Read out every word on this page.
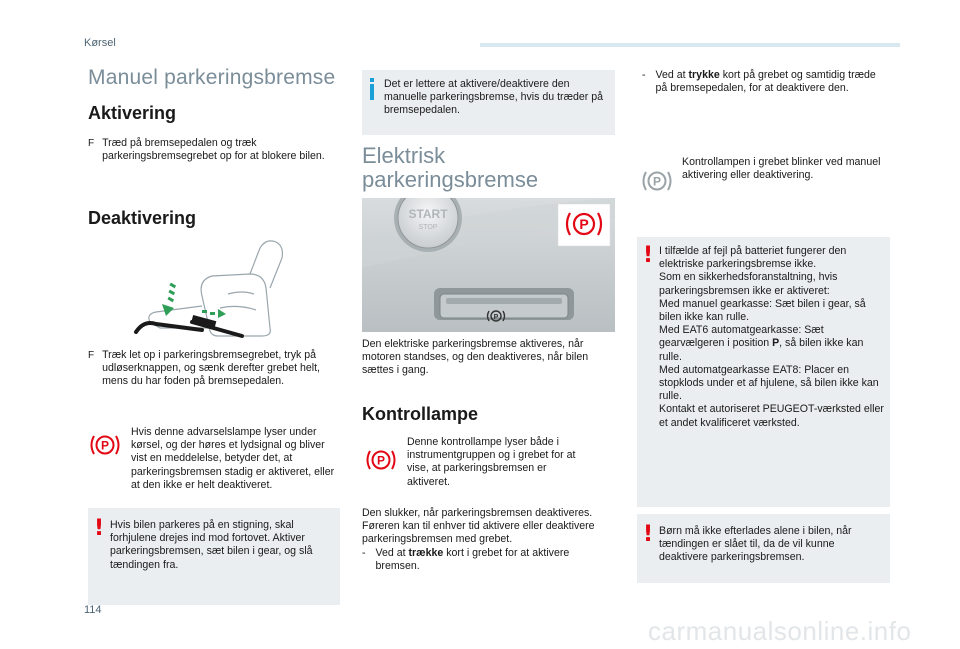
Kørsel
Manuel parkeringsbremse
Aktivering
F Træd på bremsepedalen og træk parkeringsbremsegrebet op for at blokere bilen.
Deaktivering
F Træk let op i parkeringsbremsegrebet, tryk på udløserknappen, og sænk derefter grebet helt, mens du har foden på bremsepedalen.
P
Hvis denne advarselslampe lyser under kørsel, og der høres et lydsignal og bliver vist en meddelelse, betyder det, at parkeringsbremsen stadig er aktiveret, eller at den ikke er helt deaktiveret.
! Hvis bilen parkeres på en stigning, skal forhjulene drejes ind mod fortovet. Aktiver parkeringsbremsen, sæt bilen i gear, og slå tændingen fra.
Det er lettere at aktivere/deaktivere den manuelle parkeringsbremse, hvis du træder på bremsepedalen.
Elektrisk
parkeringsbremse
START
STOP
P
P
Den elektriske parkeringsbremse aktiveres, når motoren standses, og den deaktiveres, når bilen sættes i gang.
Kontrollampe
P
Denne kontrollampe lyser både i instrumentgruppen og i grebet for at vise, at parkeringsbremsen er aktiveret.
Den slukker, når parkeringsbremsen deaktiveres.
Føreren kan til enhver tid aktivere eller deaktivere parkeringsbremsen med grebet.
- Ved at trække kort i grebet for at aktivere bremsen.
- Ved at trykke kort på grebet og samtidig træde på bremsepedalen, for at deaktivere den.
P
Kontrollampen i grebet blinker ved manuel aktivering eller deaktivering.
! I tilfælde af fejl på batteriet fungerer den elektriske parkeringsbremse ikke.
Som en sikkerhedsforanstaltning, hvis parkeringsbremsen ikke er aktiveret:
Med manuel gearkasse: Sæt bilen i gear, så bilen ikke kan rulle.
Med EAT6 automatgearkasse: Sæt gearvælgeren i position P, så bilen ikke kan rulle.
Med automatgearkasse EAT8: Placer en stopklods under et af hjulene, så bilen ikke kan rulle.
Kontakt et autoriseret PEUGEOT-værksted eller et andet kvalificeret værksted.
! Børn må ikke efterlades alene i bilen, når tændingen er slået til, da de vil kunne deaktivere parkeringsbremsen.
114
carmanualsonline.info
